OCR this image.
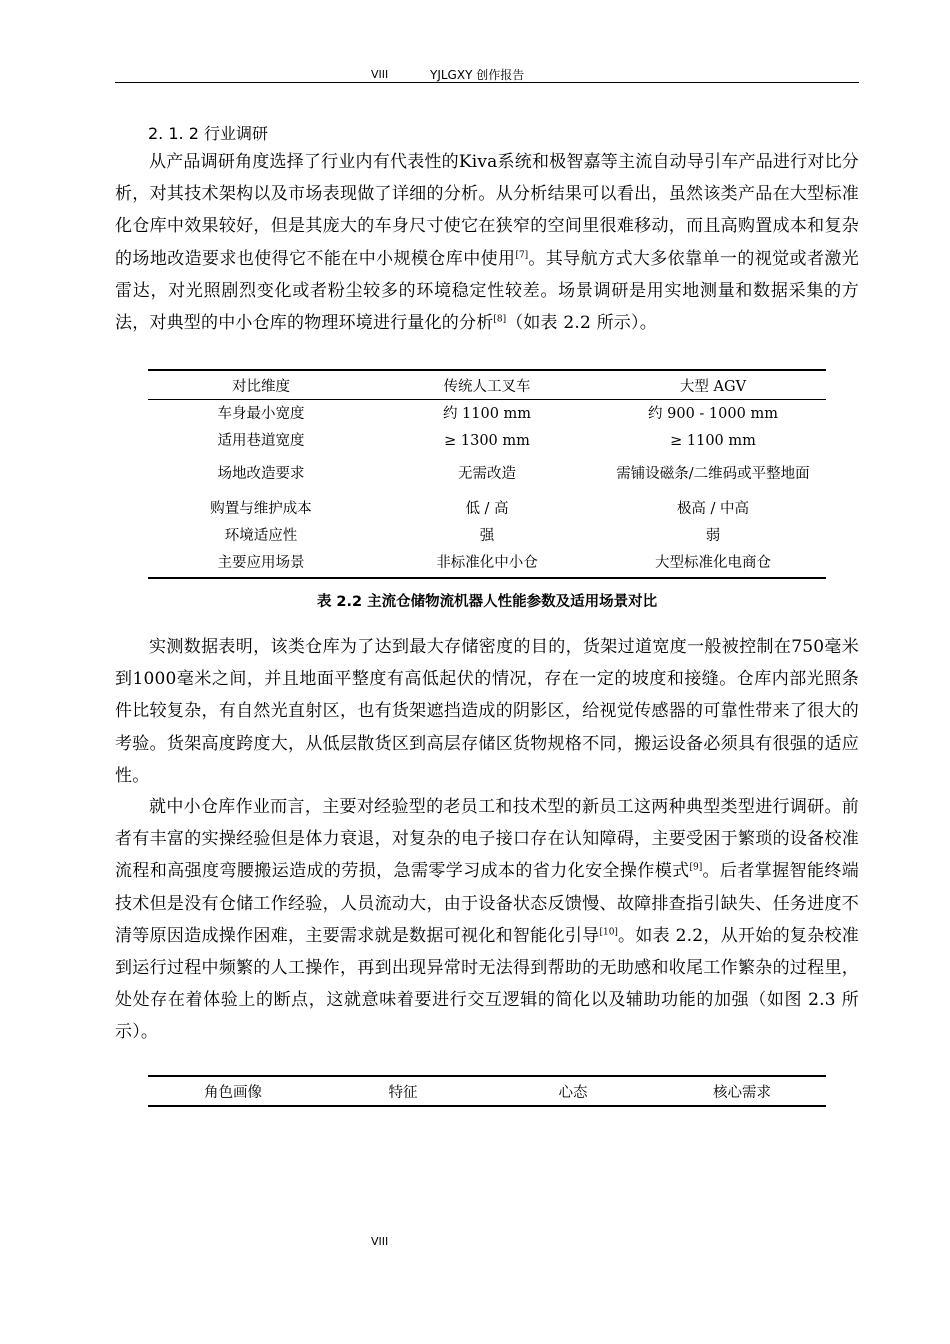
VIII	YJLGXY 创作报告
2. 1. 2 行业调研

从产品调研角度选择了行业内有代表性的Kiva系统和极智嘉等主流自动导引车产品进行对比分析，对其技术架构以及市场表现做了详细的分析。从分析结果可以看出，虽然该类产品在大型标准化仓库中效果较好，但是其庞大的车身尺寸使它在狭窄的空间里很难移动，而且高购置成本和复杂的场地改造要求也使得它不能在中小规模仓库中使用[7]。其导航方式大多依靠单一的视觉或者激光雷达，对光照剧烈变化或者粉尘较多的环境稳定性较差。场景调研是用实地测量和数据采集的方法，对典型的中小仓库的物理环境进行量化的分析[8]（如表 2.2 所示）。

对比维度	传统人工叉车	大型 AGV
车身最小宽度	约 1100 mm	约 900 - 1000 mm
适用巷道宽度	≥ 1300 mm	≥ 1100 mm
场地改造要求	无需改造	需铺设磁条/二维码或平整地面
购置与维护成本	低 / 高	极高 / 中高
环境适应性	强	弱
主要应用场景	非标准化中小仓	大型标准化电商仓
表 2.2 主流仓储物流机器人性能参数及适用场景对比

实测数据表明，该类仓库为了达到最大存储密度的目的，货架过道宽度一般被控制在750毫米到1000毫米之间，并且地面平整度有高低起伏的情况，存在一定的坡度和接缝。仓库内部光照条件比较复杂，有自然光直射区，也有货架遮挡造成的阴影区，给视觉传感器的可靠性带来了很大的考验。货架高度跨度大，从低层散货区到高层存储区货物规格不同，搬运设备必须具有很强的适应性。

就中小仓库作业而言，主要对经验型的老员工和技术型的新员工这两种典型类型进行调研。前者有丰富的实操经验但是体力衰退，对复杂的电子接口存在认知障碍，主要受困于繁琐的设备校准流程和高强度弯腰搬运造成的劳损，急需零学习成本的省力化安全操作模式[9]。后者掌握智能终端技术但是没有仓储工作经验，人员流动大，由于设备状态反馈慢、故障排查指引缺失、任务进度不清等原因造成操作困难，主要需求就是数据可视化和智能化引导[10]。如表 2.2，从开始的复杂校准到运行过程中频繁的人工操作，再到出现异常时无法得到帮助的无助感和收尾工作繁杂的过程里，处处存在着体验上的断点，这就意味着要进行交互逻辑的简化以及辅助功能的加强（如图 2.3 所示）。

角色画像	特征	心态	核心需求
VIII
